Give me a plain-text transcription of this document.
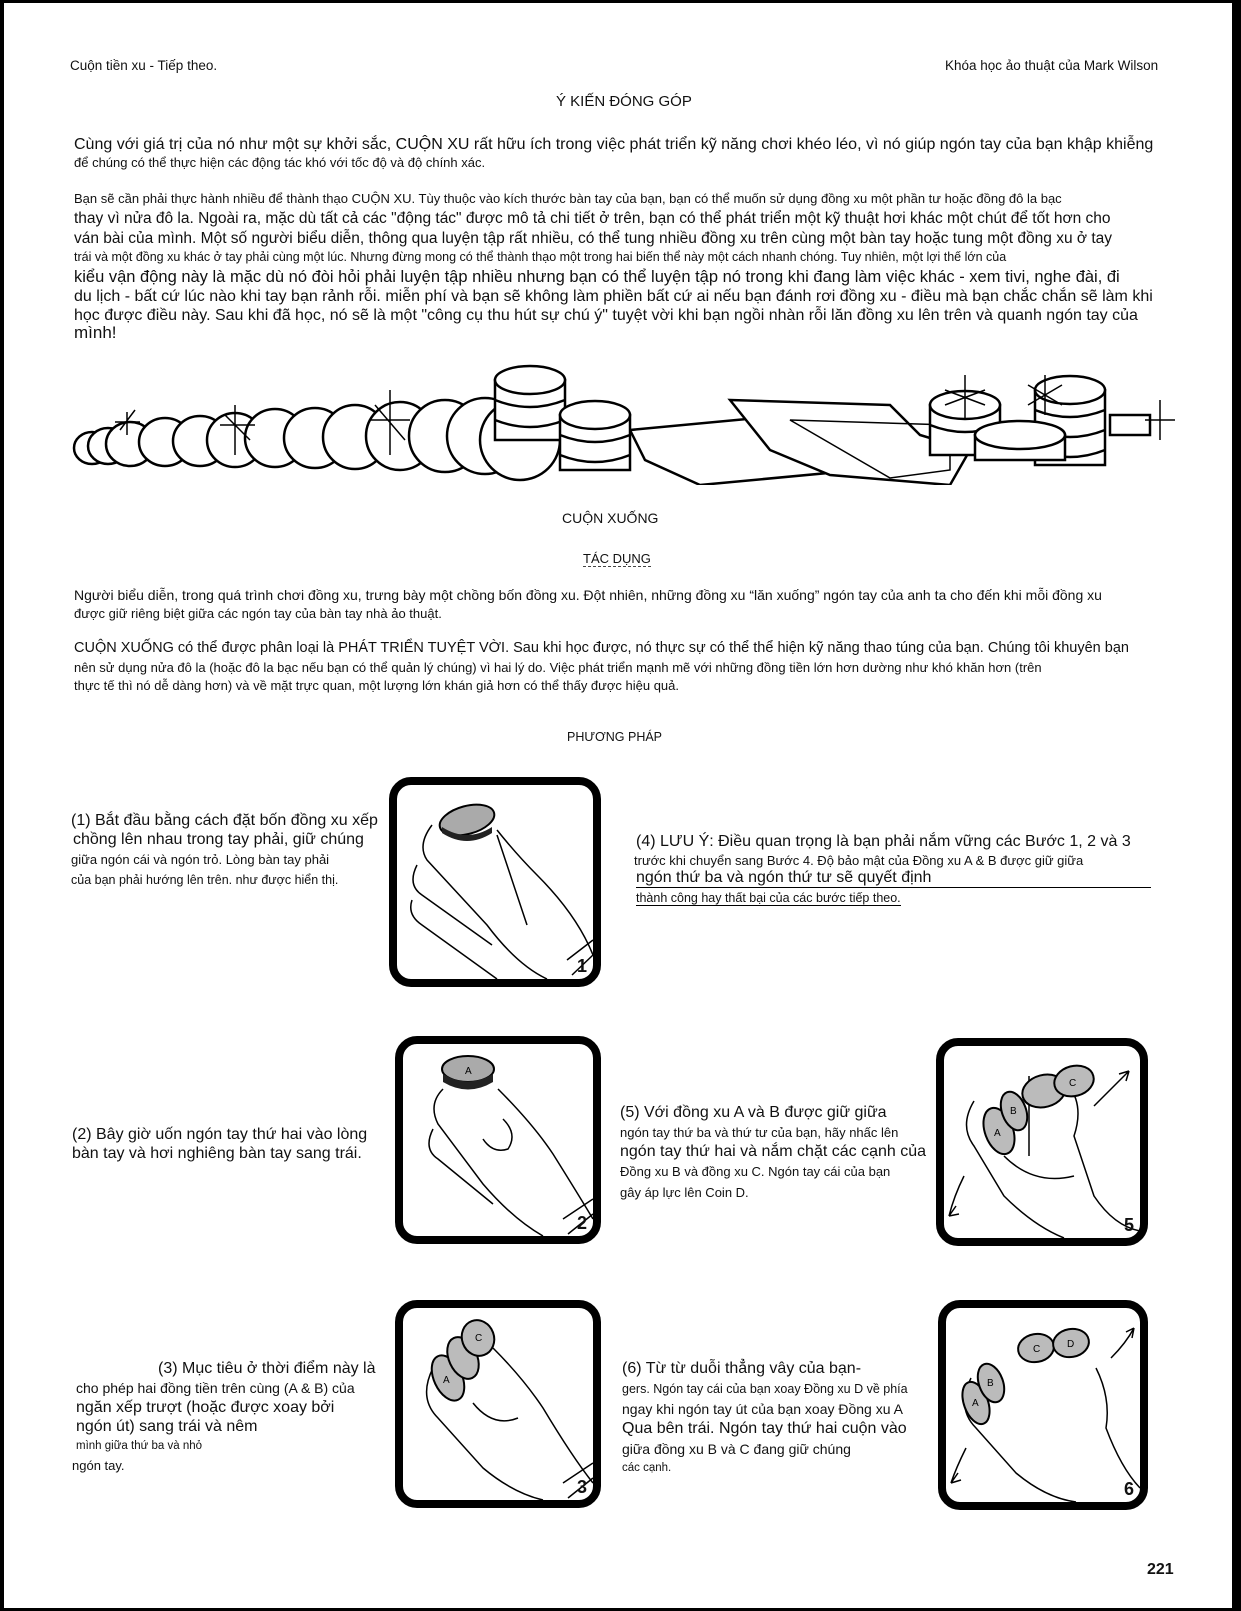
Cuộn tiền xu - Tiếp theo.	Khóa học ảo thuật của Mark Wilson
Ý KIẾN ĐÓNG GÓP
Cùng với giá trị của nó như một sự khởi sắc, CUỘN XU rất hữu ích trong việc phát triển kỹ năng chơi khéo léo, vì nó giúp ngón tay của bạn khập khiễng
để chúng có thể thực hiện các động tác khó với tốc độ và độ chính xác.
Bạn sẽ cần phải thực hành nhiều để thành thạo CUỘN XU. Tùy thuộc vào kích thước bàn tay của bạn, bạn có thể muốn sử dụng đồng xu một phần tư hoặc đồng đô la bạc
thay vì nửa đô la. Ngoài ra, mặc dù tất cả các "động tác" được mô tả chi tiết ở trên, bạn có thể phát triển một kỹ thuật hơi khác một chút để tốt hơn cho
ván bài của mình. Một số người biểu diễn, thông qua luyện tập rất nhiều, có thể tung nhiều đồng xu trên cùng một bàn tay hoặc tung một đồng xu ở tay
trái và một đồng xu khác ở tay phải cùng một lúc. Nhưng đừng mong có thể thành thạo một trong hai biến thể này một cách nhanh chóng. Tuy nhiên, một lợi thế lớn của
kiểu vận động này là mặc dù nó đòi hỏi phải luyện tập nhiều nhưng bạn có thể luyện tập nó trong khi đang làm việc khác - xem tivi, nghe đài, đi
du lịch - bất cứ lúc nào khi tay bạn rảnh rỗi. miễn phí và bạn sẽ không làm phiền bất cứ ai nếu bạn đánh rơi đồng xu - điều mà bạn chắc chắn sẽ làm khi
học được điều này. Sau khi đã học, nó sẽ là một "công cụ thu hút sự chú ý" tuyệt vời khi bạn ngồi nhàn rỗi lăn đồng xu lên trên và quanh ngón tay của
mình!
CUỘN XUỐNG
TÁC DỤNG
Người biểu diễn, trong quá trình chơi đồng xu, trưng bày một chồng bốn đồng xu. Đột nhiên, những đồng xu “lăn xuống” ngón tay của anh ta cho đến khi mỗi đồng xu
được giữ riêng biệt giữa các ngón tay của bàn tay nhà ảo thuật.
CUỘN XUỐNG có thể được phân loại là PHÁT TRIỂN TUYỆT VỜI. Sau khi học được, nó thực sự có thể thể hiện kỹ năng thao túng của bạn. Chúng tôi khuyên bạn
nên sử dụng nửa đô la (hoặc đô la bạc nếu bạn có thể quản lý chúng) vì hai lý do. Việc phát triển mạnh mẽ với những đồng tiền lớn hơn dường như khó khăn hơn (trên
thực tế thì nó dễ dàng hơn) và về mặt trực quan, một lượng lớn khán giả hơn có thể thấy được hiệu quả.
PHƯƠNG PHÁP
(1) Bắt đầu bằng cách đặt bốn đồng xu xếp
chồng lên nhau trong tay phải, giữ chúng
giữa ngón cái và ngón trỏ. Lòng bàn tay phải
của bạn phải hướng lên trên. như được hiển thị.
1
(4) LƯU Ý: Điều quan trọng là bạn phải nắm vững các Bước 1, 2 và 3
trước khi chuyển sang Bước 4. Độ bảo mật của Đồng xu A & B được giữ giữa
ngón thứ ba và ngón thứ tư sẽ quyết định
thành công hay thất bại của các bước tiếp theo.
(2) Bây giờ uốn ngón tay thứ hai vào lòng
bàn tay và hơi nghiêng bàn tay sang trái.
A
2
(5) Với đồng xu A và B được giữ giữa
ngón tay thứ ba và thứ tư của bạn, hãy nhấc lên
ngón tay thứ hai và nắm chặt các cạnh của
Đồng xu B và đồng xu C. Ngón tay cái của bạn
gây áp lực lên Coin D.
A
B
C
5
(3) Mục tiêu ở thời điểm này là
cho phép hai đồng tiền trên cùng (A & B) của
ngăn xếp trượt (hoặc được xoay bởi
ngón út) sang trái và nêm
mình giữa thứ ba và nhỏ
ngón tay.
A
C
3
(6) Từ từ duỗi thẳng vây của bạn-
gers. Ngón tay cái của bạn xoay Đồng xu D về phía
ngay khi ngón tay út của bạn xoay Đồng xu A
Qua bên trái. Ngón tay thứ hai cuộn vào
giữa đồng xu B và C đang giữ chúng
các cạnh.
A
B
C	D
6
221
